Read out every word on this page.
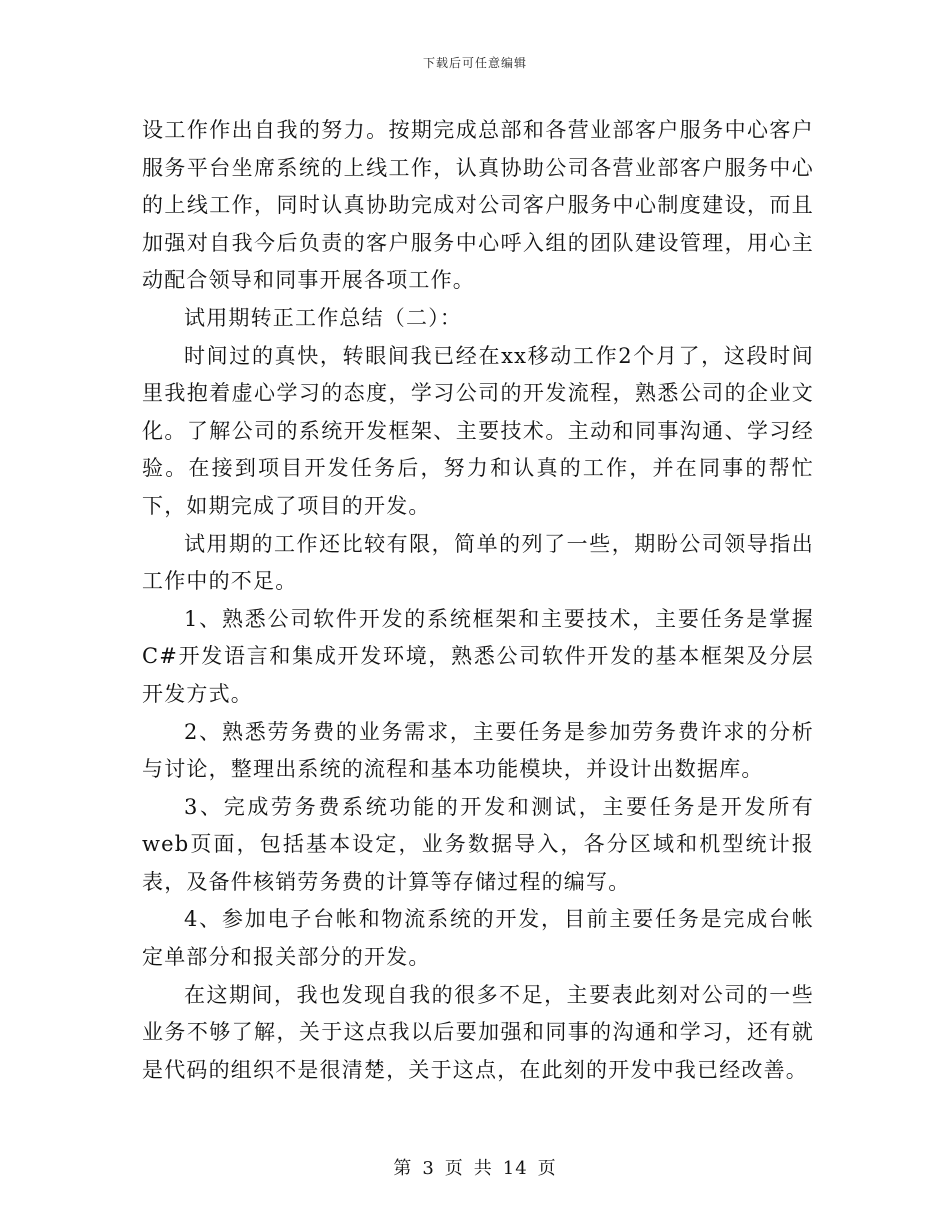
下载后可任意编辑

设工作作出自我的努力。按期完成总部和各营业部客户服务中心客户服务平台坐席系统的上线工作，认真协助公司各营业部客户服务中心的上线工作，同时认真协助完成对公司客户服务中心制度建设，而且加强对自我今后负责的客户服务中心呼入组的团队建设管理，用心主动配合领导和同事开展各项工作。

试用期转正工作总结（二）：

时间过的真快，转眼间我已经在xx移动工作2个月了，这段时间里我抱着虚心学习的态度，学习公司的开发流程，熟悉公司的企业文化。了解公司的系统开发框架、主要技术。主动和同事沟通、学习经验。在接到项目开发任务后，努力和认真的工作，并在同事的帮忙下，如期完成了项目的开发。

试用期的工作还比较有限，简单的列了一些，期盼公司领导指出工作中的不足。

1、熟悉公司软件开发的系统框架和主要技术，主要任务是掌握C#开发语言和集成开发环境，熟悉公司软件开发的基本框架及分层开发方式。

2、熟悉劳务费的业务需求，主要任务是参加劳务费许求的分析与讨论，整理出系统的流程和基本功能模块，并设计出数据库。

3、完成劳务费系统功能的开发和测试，主要任务是开发所有web页面，包括基本设定，业务数据导入，各分区域和机型统计报表，及备件核销劳务费的计算等存储过程的编写。

4、参加电子台帐和物流系统的开发，目前主要任务是完成台帐定单部分和报关部分的开发。

在这期间，我也发现自我的很多不足，主要表此刻对公司的一些业务不够了解，关于这点我以后要加强和同事的沟通和学习，还有就是代码的组织不是很清楚，关于这点，在此刻的开发中我已经改善。

第 3 页 共 14 页
